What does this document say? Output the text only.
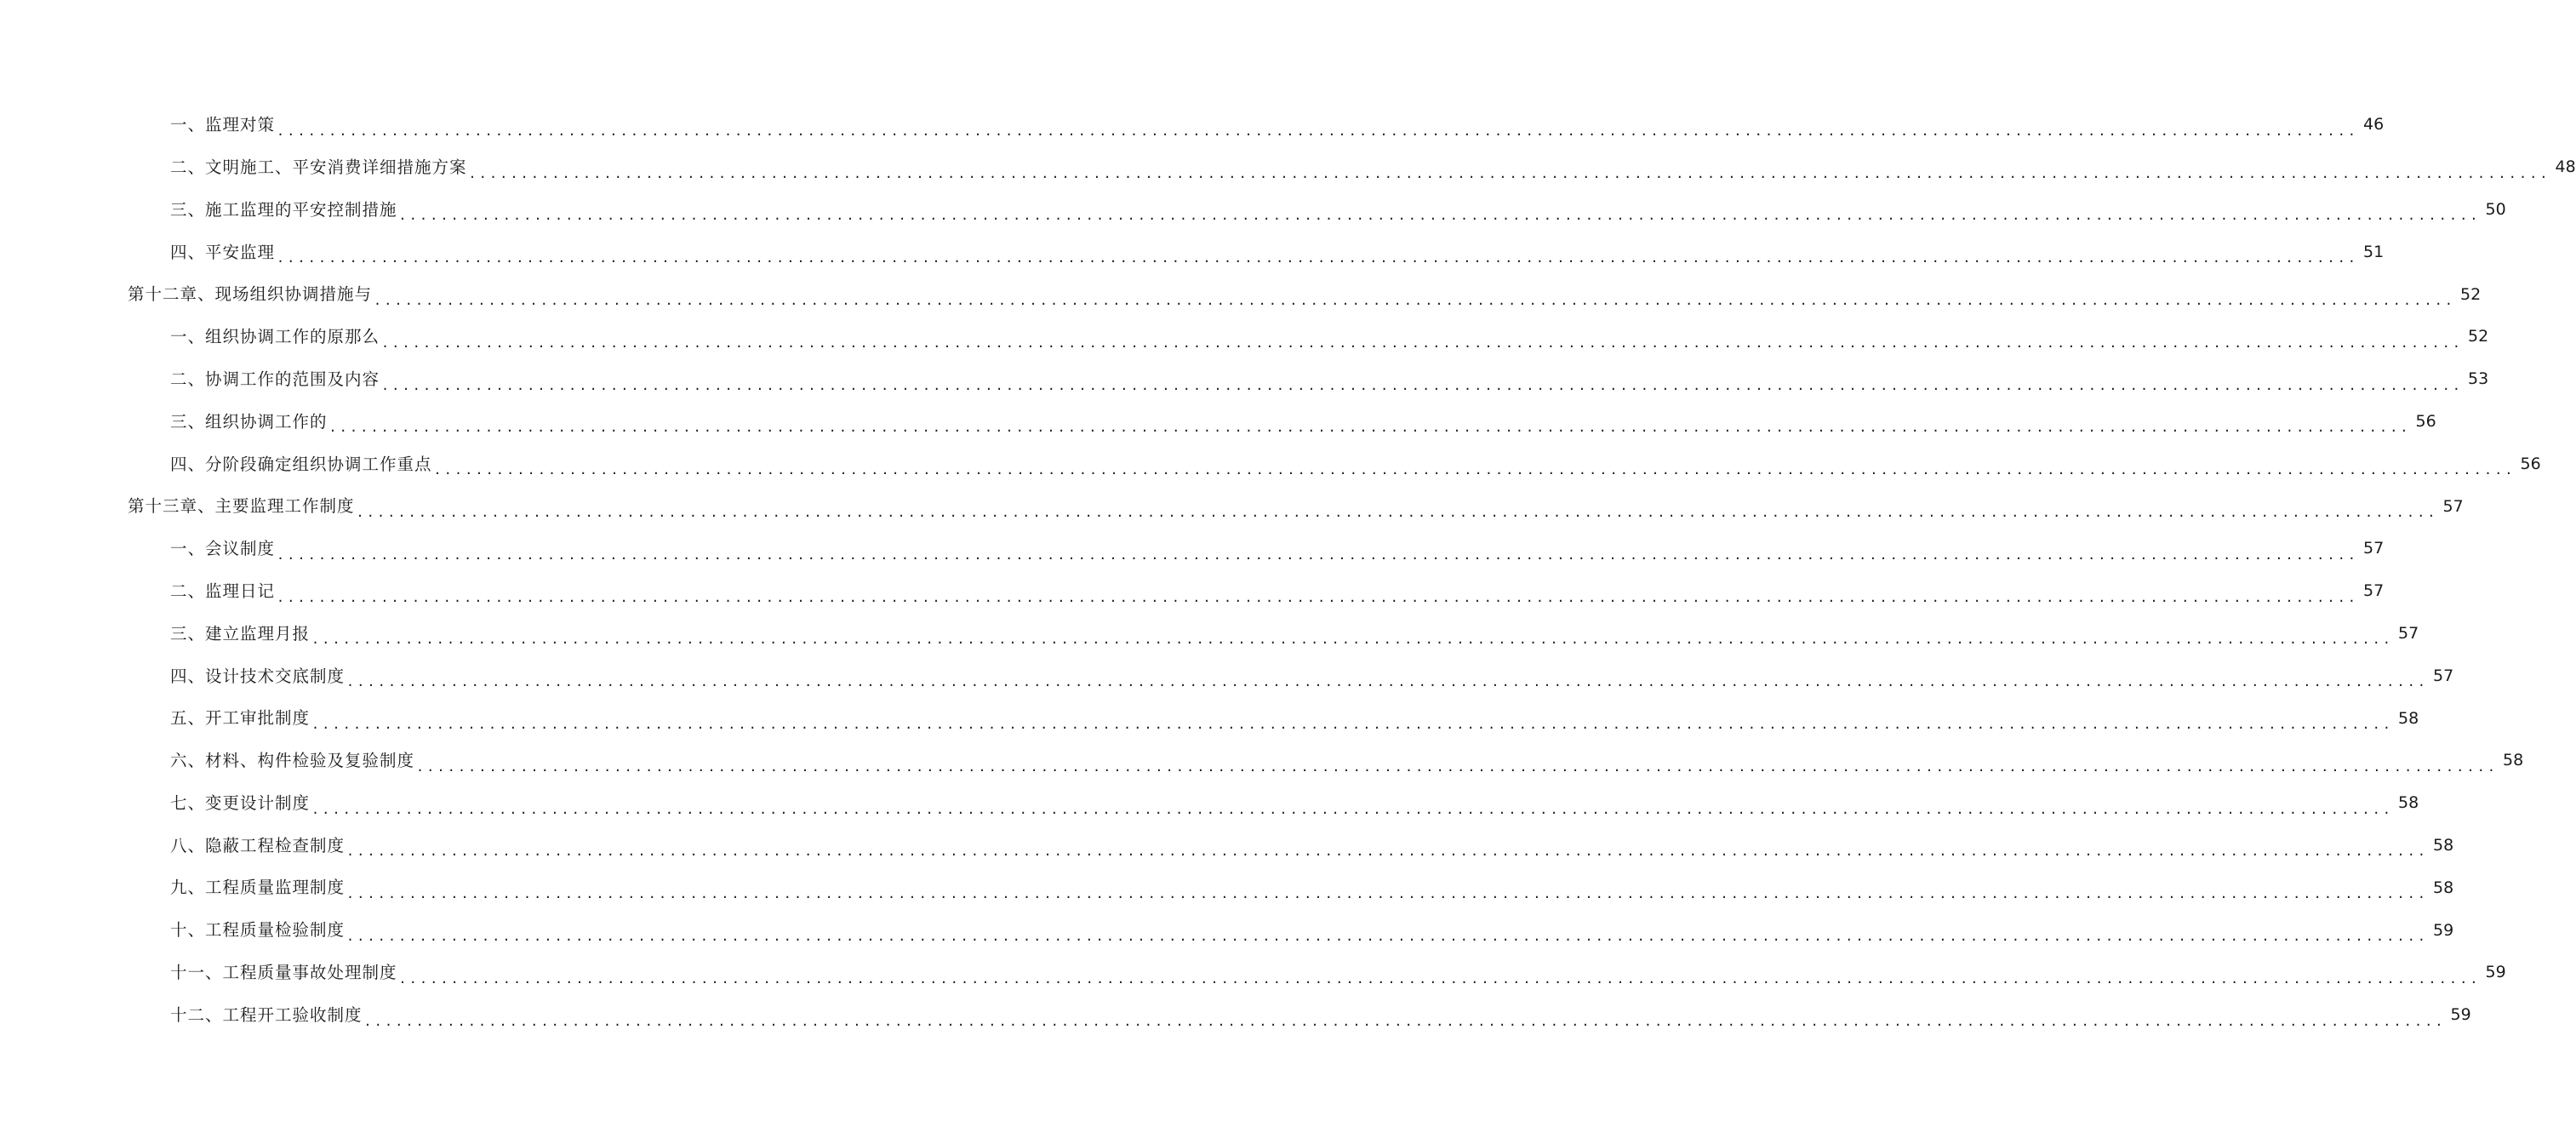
一、监理对策 ........................................................................................................................................................................................................ 46
二、文明施工、平安消费详细措施方案 ........................................................................................................................................................................................................ 48
三、施工监理的平安控制措施 ........................................................................................................................................................................................................ 50
四、平安监理 ........................................................................................................................................................................................................ 51
第十二章、现场组织协调措施与 ........................................................................................................................................................................................................ 52
一、组织协调工作的原那么 ........................................................................................................................................................................................................ 52
二、协调工作的范围及内容 ........................................................................................................................................................................................................ 53
三、组织协调工作的 ........................................................................................................................................................................................................ 56
四、分阶段确定组织协调工作重点 ........................................................................................................................................................................................................ 56
第十三章、主要监理工作制度 ........................................................................................................................................................................................................ 57
一、会议制度 ........................................................................................................................................................................................................ 57
二、监理日记 ........................................................................................................................................................................................................ 57
三、建立监理月报 ........................................................................................................................................................................................................ 57
四、设计技术交底制度 ........................................................................................................................................................................................................ 57
五、开工审批制度 ........................................................................................................................................................................................................ 58
六、材料、构件检验及复验制度 ........................................................................................................................................................................................................ 58
七、变更设计制度 ........................................................................................................................................................................................................ 58
八、隐蔽工程检查制度 ........................................................................................................................................................................................................ 58
九、工程质量监理制度 ........................................................................................................................................................................................................ 58
十、工程质量检验制度 ........................................................................................................................................................................................................ 59
十一、工程质量事故处理制度 ........................................................................................................................................................................................................ 59
十二、工程开工验收制度 ........................................................................................................................................................................................................ 59
